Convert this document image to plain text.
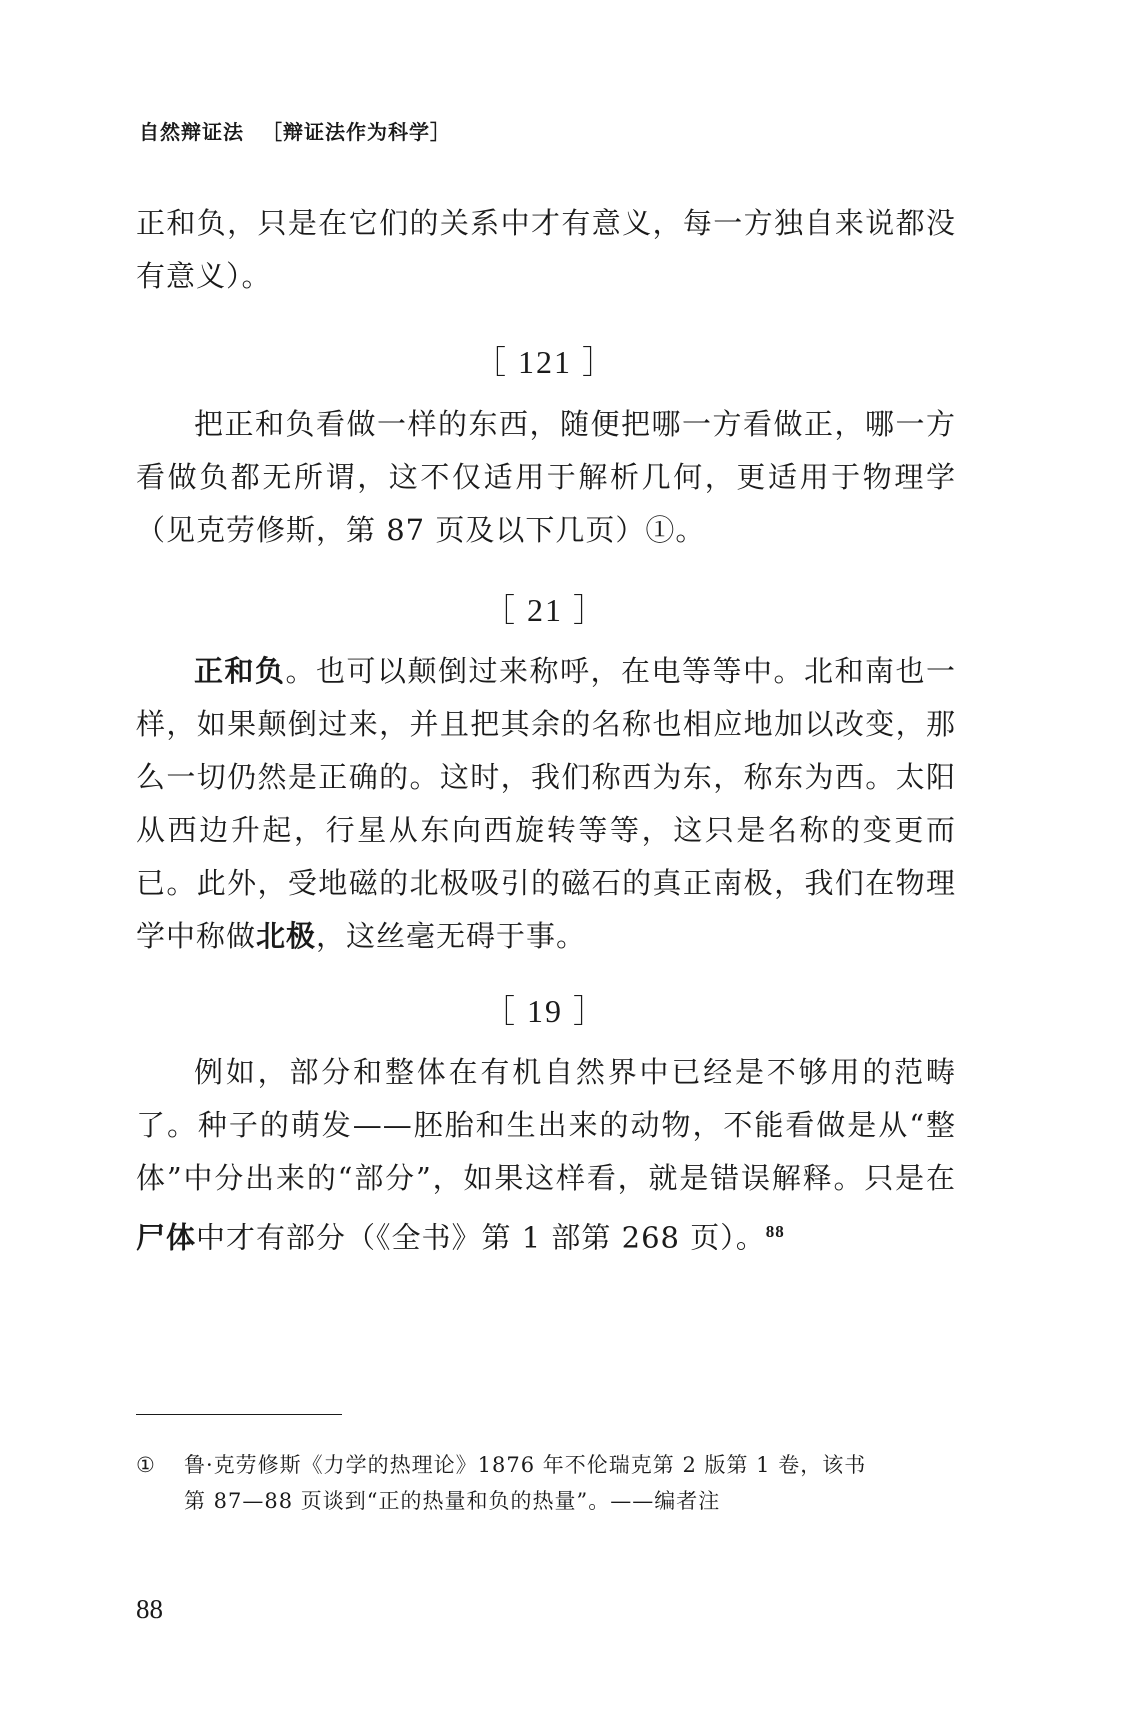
自然辩证法 ［辩证法作为科学］

正和负，只是在它们的关系中才有意义，每一方独自来说都没有意义）。

［ 121 ］

把正和负看做一样的东西，随便把哪一方看做正，哪一方看做负都无所谓，这不仅适用于解析几何，更适用于物理学（见克劳修斯，第 87 页及以下几页）①。

［ 21 ］

正和负。也可以颠倒过来称呼，在电等等中。北和南也一样，如果颠倒过来，并且把其余的名称也相应地加以改变，那么一切仍然是正确的。这时，我们称西为东，称东为西。太阳从西边升起，行星从东向西旋转等等，这只是名称的变更而已。此外，受地磁的北极吸引的磁石的真正南极，我们在物理学中称做北极，这丝毫无碍于事。

［ 19 ］

例如，部分和整体在有机自然界中已经是不够用的范畴了。种子的萌发——胚胎和生出来的动物，不能看做是从“整体”中分出来的“部分”，如果这样看，就是错误解释。只是在尸体中才有部分（《全书》第 1 部第 268 页）。$^{88}$

① 鲁·克劳修斯《力学的热理论》1876 年不伦瑞克第 2 版第 1 卷，该书
第 87—88 页谈到“正的热量和负的热量”。——编者注
88
